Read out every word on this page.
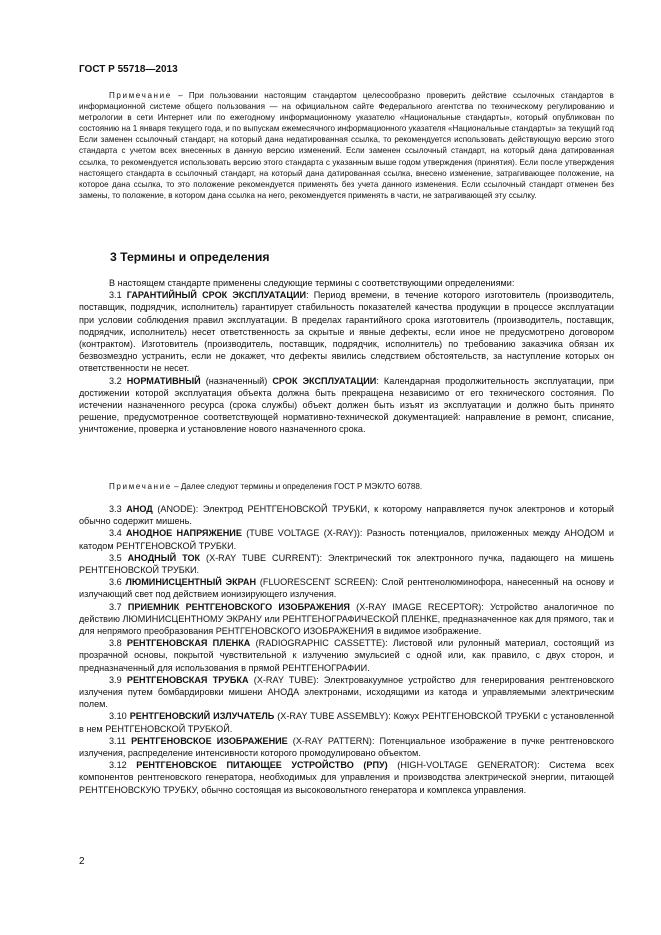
ГОСТ Р 55718—2013

Примечание – При пользовании настоящим стандартом целесообразно проверить действие ссылочных стандартов в информационной системе общего пользования — на официальном сайте Федерального агентства по техническому регулированию и метрологии в сети Интернет или по ежегодному информационному указателю «Национальные стандарты», который опубликован по состоянию на 1 января текущего года, и по выпускам ежемесячного информационного указателя «Национальные стандарты» за текущий год Если заменен ссылочный стандарт, на который дана недатированная ссылка, то рекомендуется использовать действующую версию этого стандарта с учетом всех внесенных в данную версию изменений. Если заменен ссылочный стандарт, на который дана датированная ссылка, то рекомендуется использовать версию этого стандарта с указанным выше годом утверждения (принятия). Если после утверждения настоящего стандарта в ссылочный стандарт, на который дана датированная ссылка, внесено изменение, затрагивающее положение, на которое дана ссылка, то это положение рекомендуется применять без учета данного изменения. Если ссылочный стандарт отменен без замены, то положение, в котором дана ссылка на него, рекомендуется применять в части, не затрагивающей эту ссылку.

3 Термины и определения

В настоящем стандарте применены следующие термины с соответствующими определениями:

3.1 ГАРАНТИЙНЫЙ СРОК ЭКСПЛУАТАЦИИ: Период времени, в течение которого изготовитель (производитель, поставщик, подрядчик, исполнитель) гарантирует стабильность показателей качества продукции в процессе эксплуатации при условии соблюдения правил эксплуатации. В пределах гарантийного срока изготовитель (производитель, поставщик, подрядчик, исполнитель) несет ответственность за скрытые и явные дефекты, если иное не предусмотрено договором (контрактом). Изготовитель (производитель, поставщик, подрядчик, исполнитель) по требованию заказчика обязан их безвозмездно устранить, если не докажет, что дефекты явились следствием обстоятельств, за наступление которых он ответственности не несет.

3.2 НОРМАТИВНЫЙ (назначенный) СРОК ЭКСПЛУАТАЦИИ: Календарная продолжительность эксплуатации, при достижении которой эксплуатация объекта должна быть прекращена независимо от его технического состояния. По истечении назначенного ресурса (срока службы) объект должен быть изъят из эксплуатации и должно быть принято решение, предусмотренное соответствующей нормативно-технической документацией: направление в ремонт, списание, уничтожение, проверка и установление нового назначенного срока.

Примечание – Далее следуют термины и определения ГОСТ Р МЭК/ТО 60788.

3.3 АНОД (ANODE): Электрод РЕНТГЕНОВСКОЙ ТРУБКИ, к которому направляется пучок электронов и который обычно содержит мишень.

3.4 АНОДНОЕ НАПРЯЖЕНИЕ (TUBE VOLTAGE (X-RAY)): Разность потенциалов, приложенных между АНОДОМ и катодом РЕНТГЕНОВСКОЙ ТРУБКИ.

3.5 АНОДНЫЙ ТОК (X-RAY TUBE CURRENT): Электрический ток электронного пучка, падающего на мишень РЕНТГЕНОВСКОЙ ТРУБКИ.

3.6 ЛЮМИНИСЦЕНТНЫЙ ЭКРАН (FLUORESCENT SCREEN): Слой рентгенолюминофора, нанесенный на основу и излучающий свет под действием ионизирующего излучения.

3.7 ПРИЕМНИК РЕНТГЕНОВСКОГО ИЗОБРАЖЕНИЯ (X-RAY IMAGE RECEPTOR): Устройство аналогичное по действию ЛЮМИНИСЦЕНТНОМУ ЭКРАНУ или РЕНТГЕНОГРАФИЧЕСКОЙ ПЛЕНКЕ, предназначенное как для прямого, так и для непрямого преобразования РЕНТГЕНОВСКОГО ИЗОБРАЖЕНИЯ в видимое изображение.

3.8 РЕНТГЕНОВСКАЯ ПЛЕНКА (RADIOGRAPHIC CASSETTE): Листовой или рулонный материал, состоящий из прозрачной основы, покрытой чувствительной к излучению эмульсией с одной или, как правило, с двух сторон, и предназначенный для использования в прямой РЕНТГЕНОГРАФИИ.

3.9 РЕНТГЕНОВСКАЯ ТРУБКА (X-RAY TUBE): Электровакуумное устройство для генерирования рентгеновского излучения путем бомбардировки мишени АНОДА электронами, исходящими из катода и управляемыми электрическим полем.

3.10 РЕНТГЕНОВСКИЙ ИЗЛУЧАТЕЛЬ (X-RAY TUBE ASSEMBLY): Кожух РЕНТГЕНОВСКОЙ ТРУБКИ с установленной в нем РЕНТГЕНОВСКОЙ ТРУБКОЙ.

3.11 РЕНТГЕНОВСКОЕ ИЗОБРАЖЕНИЕ (X-RAY PATTERN): Потенциальное изображение в пучке рентгеновского излучения, распределение интенсивности которого промодулировано объектом.

3.12 РЕНТГЕНОВСКОЕ ПИТАЮЩЕЕ УСТРОЙСТВО (РПУ) (HIGH-VOLTAGE GENERATOR): Система всех компонентов рентгеновского генератора, необходимых для управления и производства электрической энергии, питающей РЕНТГЕНОВСКУЮ ТРУБКУ, обычно состоящая из высоковольтного генератора и комплекса управления.

2
